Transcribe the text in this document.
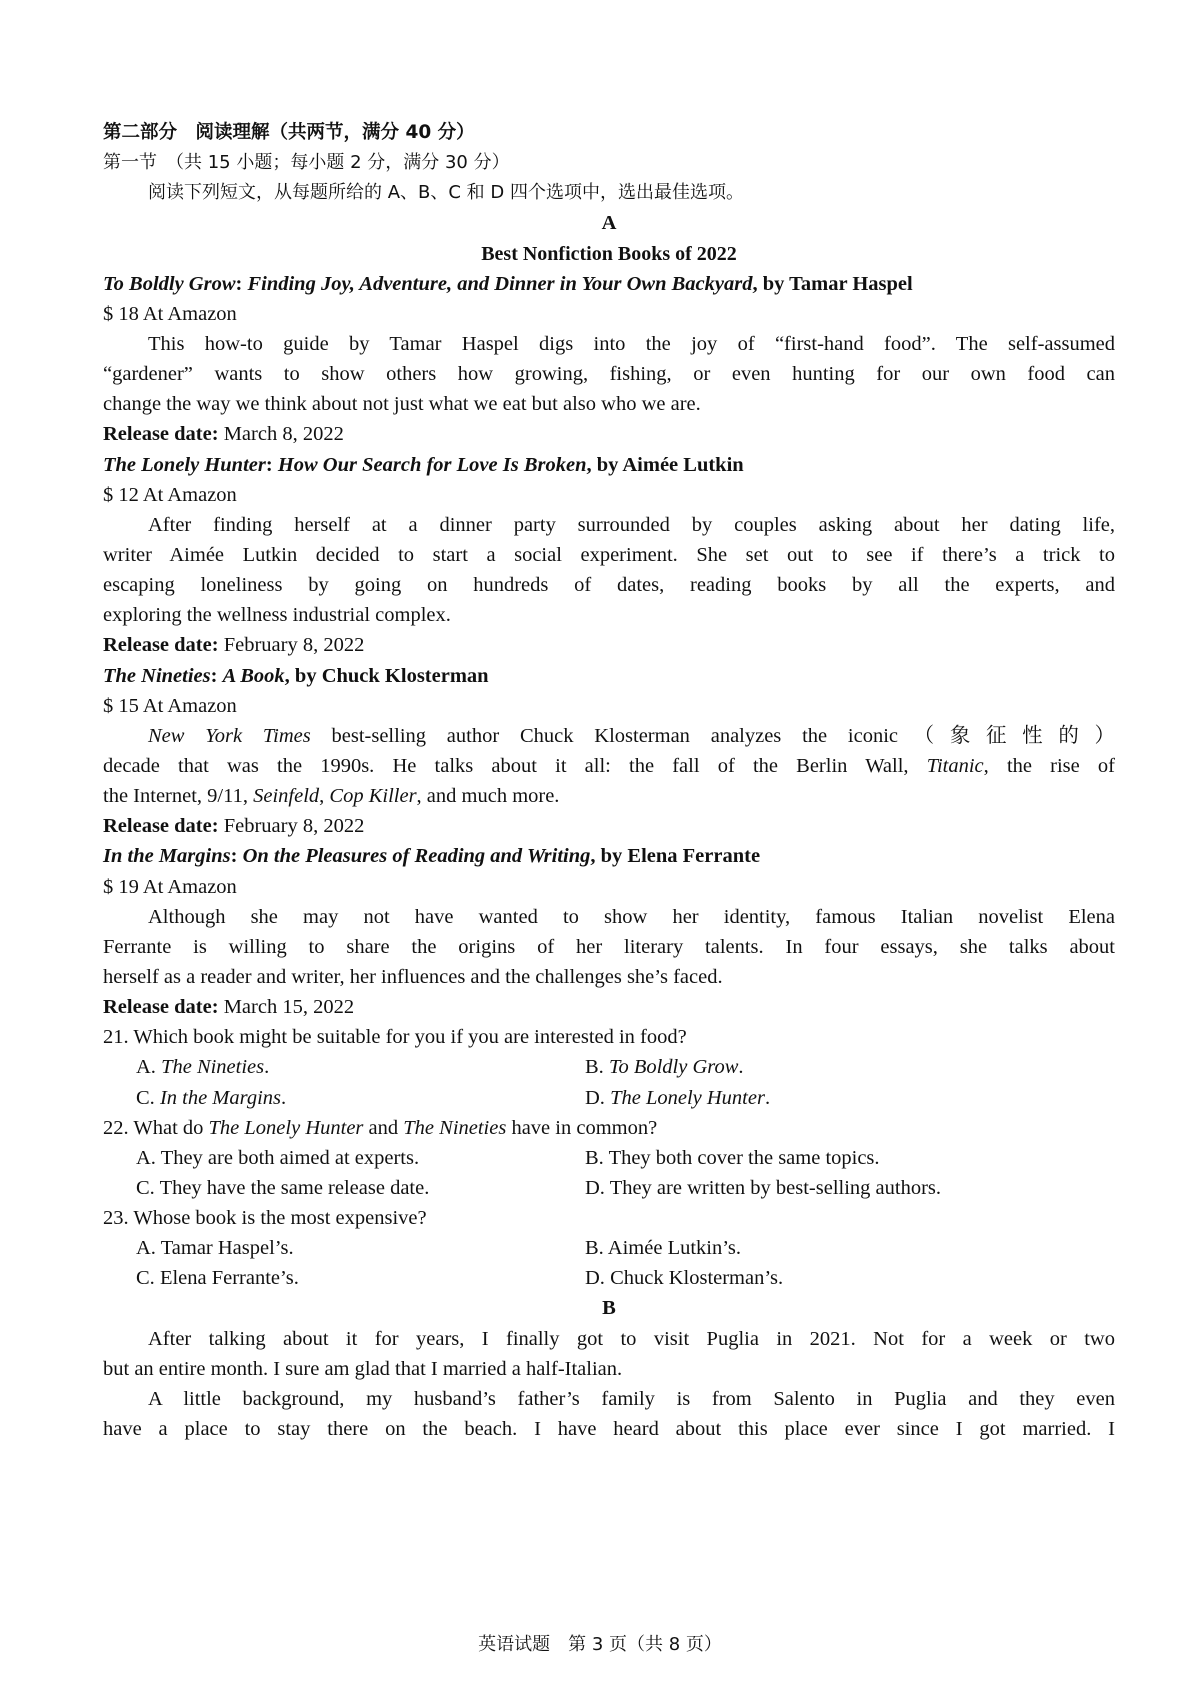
第二部分　阅读理解（共两节，满分 40 分）
第一节　（共 15 小题；每小题 2 分，满分 30 分）
阅读下列短文，从每题所给的 A、B、C 和 D 四个选项中，选出最佳选项。
A
Best Nonfiction Books of 2022
To Boldly Grow: Finding Joy, Adventure, and Dinner in Your Own Backyard, by Tamar Haspel
$ 18 At Amazon
This how-to guide by Tamar Haspel digs into the joy of “first-hand food”. The self-assumed
“gardener” wants to show others how growing, fishing, or even hunting for our own food can
change the way we think about not just what we eat but also who we are.
Release date: March 8, 2022
The Lonely Hunter: How Our Search for Love Is Broken, by Aimée Lutkin
$ 12 At Amazon
After finding herself at a dinner party surrounded by couples asking about her dating life,
writer Aimée Lutkin decided to start a social experiment. She set out to see if there’s a trick to
escaping loneliness by going on hundreds of dates, reading books by all the experts, and
exploring the wellness industrial complex.
Release date: February 8, 2022
The Nineties: A Book, by Chuck Klosterman
$ 15 At Amazon
New York Times best-selling author Chuck Klosterman analyzes the iconic（象征性的）
decade that was the 1990s. He talks about it all: the fall of the Berlin Wall, Titanic, the rise of
the Internet, 9/11, Seinfeld, Cop Killer, and much more.
Release date: February 8, 2022
In the Margins: On the Pleasures of Reading and Writing, by Elena Ferrante
$ 19 At Amazon
Although she may not have wanted to show her identity, famous Italian novelist Elena
Ferrante is willing to share the origins of her literary talents. In four essays, she talks about
herself as a reader and writer, her influences and the challenges she’s faced.
Release date: March 15, 2022
21. Which book might be suitable for you if you are interested in food?
A. The Nineties.	B. To Boldly Grow.
C. In the Margins.	D. The Lonely Hunter.
22. What do The Lonely Hunter and The Nineties have in common?
A. They are both aimed at experts.	B. They both cover the same topics.
C. They have the same release date.	D. They are written by best-selling authors.
23. Whose book is the most expensive?
A. Tamar Haspel’s.	B. Aimée Lutkin’s.
C. Elena Ferrante’s.	D. Chuck Klosterman’s.
B
After talking about it for years, I finally got to visit Puglia in 2021. Not for a week or two
but an entire month. I sure am glad that I married a half-Italian.
A little background, my husband’s father’s family is from Salento in Puglia and they even
have a place to stay there on the beach. I have heard about this place ever since I got married. I
英语试题　第 3 页（共 8 页）
